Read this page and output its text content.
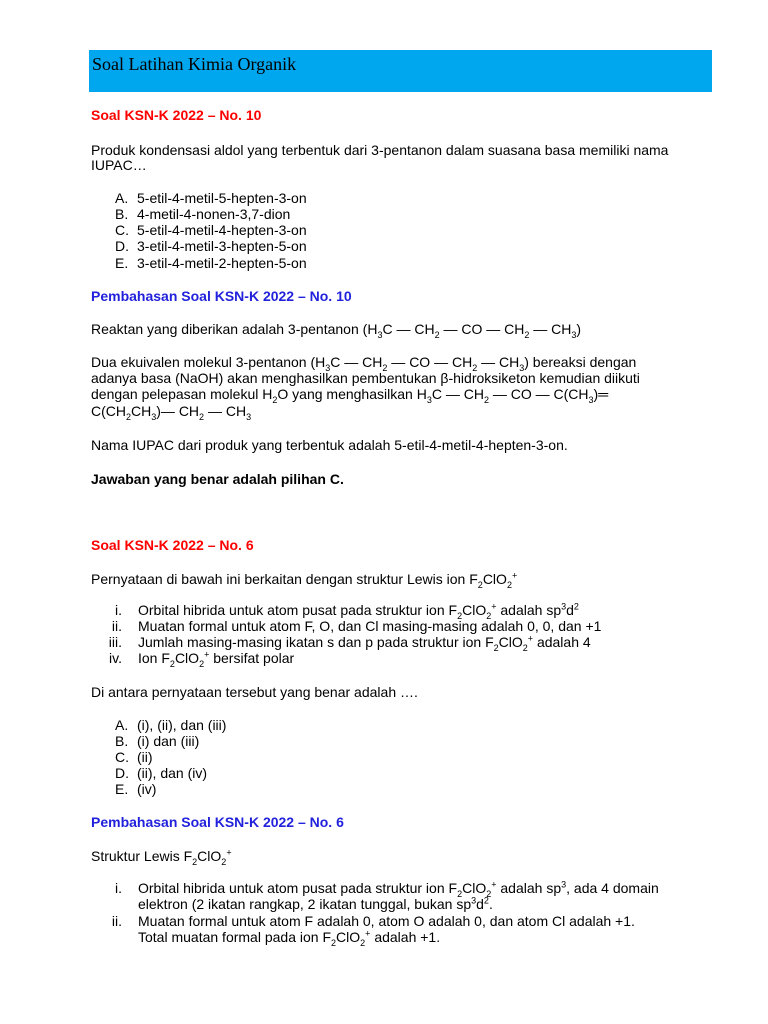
Soal Latihan Kimia Organik
Soal KSN-K 2022 – No. 10
Produk kondensasi aldol yang terbentuk dari 3-pentanon dalam suasana basa memiliki nama
IUPAC…
A. 5-etil-4-metil-5-hepten-3-on
B. 4-metil-4-nonen-3,7-dion
C. 5-etil-4-metil-4-hepten-3-on
D. 3-etil-4-metil-3-hepten-5-on
E. 3-etil-4-metil-2-hepten-5-on
Pembahasan Soal KSN-K 2022 – No. 10
Reaktan yang diberikan adalah 3-pentanon ($H_3C$ — $CH_2$ — CO — $CH_2$ — $CH_3$)
Dua ekuivalen molekul 3-pentanon ($H_3C$ — $CH_2$ — CO — $CH_2$ — $CH_3$) bereaksi dengan
adanya basa (NaOH) akan menghasilkan pembentukan β-hidroksiketon kemudian diikuti
dengan pelepasan molekul $H_2O$ yang menghasilkan $H_3C$ — $CH_2$ — CO — $C(CH_3)═$
$C(CH_2CH_3)—$ $CH_2$ — $CH_3$
Nama IUPAC dari produk yang terbentuk adalah 5-etil-4-metil-4-hepten-3-on.
Jawaban yang benar adalah pilihan C.
Soal KSN-K 2022 – No. 6
Pernyataan di bawah ini berkaitan dengan struktur Lewis ion $F_2ClO_2^+$
i. Orbital hibrida untuk atom pusat pada struktur ion $F_2ClO_2^+$ adalah $sp^3d^2$
ii. Muatan formal untuk atom F, O, dan Cl masing-masing adalah 0, 0, dan +1
iii. Jumlah masing-masing ikatan s dan p pada struktur ion $F_2ClO_2^+$ adalah 4
iv. Ion $F_2ClO_2^+$ bersifat polar
Di antara pernyataan tersebut yang benar adalah ….
A. (i), (ii), dan (iii)
B. (i) dan (iii)
C. (ii)
D. (ii), dan (iv)
E. (iv)
Pembahasan Soal KSN-K 2022 – No. 6
Struktur Lewis $F_2ClO_2^+$
i. Orbital hibrida untuk atom pusat pada struktur ion $F_2ClO_2^+$ adalah $sp^3$, ada 4 domain
elektron (2 ikatan rangkap, 2 ikatan tunggal, bukan $sp^3d^2$.
ii. Muatan formal untuk atom F adalah 0, atom O adalah 0, dan atom Cl adalah +1.
Total muatan formal pada ion $F_2ClO_2^+$ adalah +1.
